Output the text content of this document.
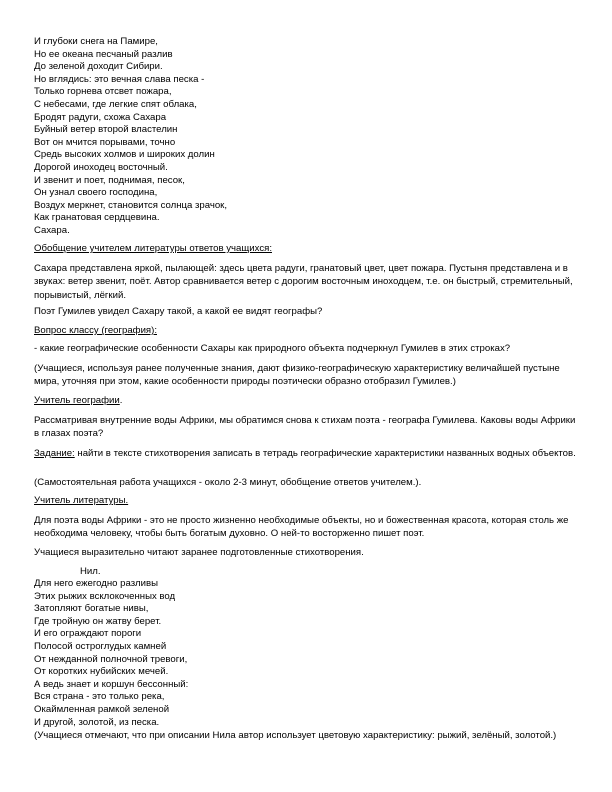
И глубоки снега на Памире,
Но ее океана песчаный разлив
До зеленой доходит Сибири.
Но вглядись: это вечная слава песка -
Только горнева отсвет пожара,
С небесами, где легкие спят облака,
Бродят радуги, схожа Сахара
Буйный ветер второй властелин
Вот он мчится порывами, точно
Средь высоких холмов и широких долин
Дорогой иноходец восточный.
И звенит и поет, поднимая, песок,
Он узнал своего господина,
Воздух меркнет, становится солнца зрачок,
Как гранатовая сердцевина.
Сахара.
Обобщение учителем литературы ответов учащихся:
Сахара представлена яркой, пылающей: здесь цвета радуги, гранатовый цвет, цвет пожара. Пустыня представлена и в звуках: ветер звенит, поёт. Автор сравнивается ветер с дорогим восточным иноходцем, т.е. он быстрый, стремительный, порывистый, лёгкий.
Поэт Гумилев увидел Сахару такой, а какой ее видят географы?
Вопрос классу (география):
- какие географические особенности Сахары как природного объекта подчеркнул Гумилев в этих строках?
(Учащиеся, используя ранее полученные знания, дают физико-географическую характеристику величайшей пустыне мира, уточняя при этом, какие особенности природы поэтически образно отобразил Гумилев.)
Учитель географии.
Рассматривая внутренние воды Африки, мы обратимся снова к стихам поэта - географа Гумилева. Каковы воды Африки в глазах поэта?
Задание: найти в тексте стихотворения записать в тетрадь географические характеристики названных водных объектов.
(Самостоятельная работа учащихся - около 2-3 минут, обобщение ответов учителем.).
Учитель литературы.
Для поэта воды Африки - это не просто жизненно необходимые объекты, но и божественная красота, которая столь же необходима человеку, чтобы быть богатым духовно. О ней-то восторженно пишет поэт.
Учащиеся выразительно читают заранее подготовленные стихотворения.
Нил.
Для него ежегодно разливы
Этих рыжих всклокоченных вод
Затопляют богатые нивы,
Где тройную он жатву берет.
И его ограждают пороги
Полосой остроглудых камней
От нежданной полночной тревоги,
От коротких нубийских мечей.
А ведь знает и коршун бессонный:
Вся страна - это только река,
Окаймленная рамкой зеленой
И другой, золотой, из песка.
(Учащиеся отмечают, что при описании Нила автор использует цветовую характеристику: рыжий, зелёный, золотой.)
